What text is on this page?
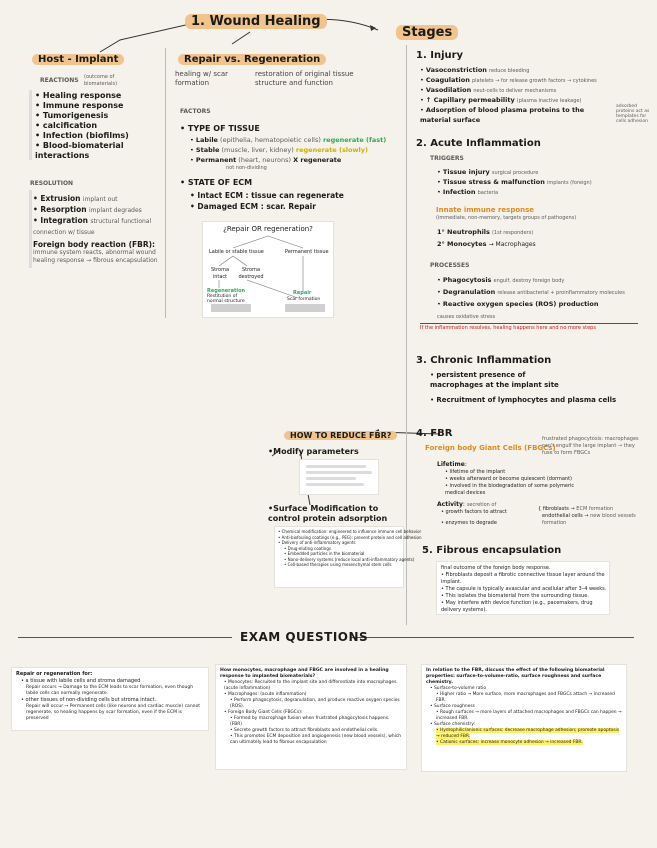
1. Wound Healing
Stages
Host - Implant
REACTIONS (outcome of biomaterials)
• Healing response
• Immune response
• Tumorigenesis
• calcification
• Infection (biofilms)
• Blood-biomaterial interactions
RESOLUTION
• Extrusion implant out
• Resorption implant degrades
• Integration structural functional connection w/ tissue
Foreign body reaction (FBR):
immune system reacts, abnormal wound healing response → fibrous encapsulation
Repair vs. Regeneration
healing w/ scar formation
restoration of original tissue structure and function
FACTORS
• TYPE OF TISSUE
• Labile (epithelia, hematopoietic cells) regenerate (fast)
• Stable (muscle, liver, kidney) regenerate (slowly)
• Permanent (heart, neurons) X regenerate
not non-dividing
• STATE OF ECM
• Intact ECM : tissue can regenerate
• Damaged ECM : scar. Repair
¿Repair OR regeneration?
Labile or stable tissue	Permanent tissue
Stroma intact
Stroma destroyed
Regeneration
Restitution of normal structure
Repair
Scar formation
1. Injury
• Vasoconstriction reduce bleeding
• Coagulation platelets → for release growth factors → cytokines
• Vasodilation neut-cells to deliver mechanisms
• ↑ Capillary permeability (plasma inactive leakage)
• Adsorption of blood plasma proteins to the material surface
adsorbed proteins act as templates for cells adhesion
2. Acute Inflammation
TRIGGERS
• Tissue injury surgical procedure
• Tissue stress & malfunction implants (foreign)
• Infection bacteria
Innate immune response
(immediate, non-memory, targets groups of pathogens)
1° Neutrophils (1st responders)
2° Monocytes → Macrophages
PROCESSES
• Phagocytosis engulf, destroy foreign body
• Degranulation release antibacterial + proinflammatory molecules
• Reactive oxygen species (ROS) production causes oxidative stress
If the inflammation resolves, healing happens here and no more steps
3. Chronic Inflammation
• persistent presence of macrophages at the implant site
• Recruitment of lymphocytes and plasma cells
4. FBR
Foreign body Giant Cells (FBGCs)
frustrated phagocytosis: macrophages can't engulf the large implant → they fuse to form FBGCs
Lifetime:
• lifetime of the implant
• weeks afterward or become quiescent (dormant)
• involved in the biodegradation of some polymeric medical devices
Activity: secretion of
• growth factors to attract
• enzymes to degrade
{ fibroblasts → ECM formation
endothelial cells → new blood vessels formation
5. Fibrous encapsulation
final outcome of the foreign body response.
• Fibroblasts deposit a fibrotic connective tissue layer around the implant.
• The capsule is typically avascular and acellular after 3–4 weeks.
• This isolates the biomaterial from the surrounding tissue.
• May interfere with device function (e.g., pacemakers, drug delivery systems).
HOW TO REDUCE FBR?
•Modify parameters
•Surface Modification to control protein adsorption
• Chemical modification: engineered to influence immune cell behavior
• Anti-biofouling coatings (e.g., PEG): prevent protein and cell adhesion
• Delivery of anti-inflammatory agents
• Drug-eluting coatings
• Embedded particles in the biomaterial
• Nano-delivery systems (reduce local anti-inflammatory agents)
• Cell-based therapies using mesenchymal stem cells
EXAM QUESTIONS
Repair or regeneration for:
• a tissue with labile cells and stroma damaged
Repair occurs → Damage to the ECM leads to scar formation, even though labile cells can normally regenerate.
• other tissues of non-dividing cells but stroma intact.
Repair will occur → Permanent cells (like neurons and cardiac muscle) cannot regenerate, so healing happens by scar formation, even if the ECM is preserved
How monocytes, macrophage and FBGC are involved in a healing response to implanted biomaterials?
• Monocytes: Recruited to the implant site and differentiate into macrophages. (acute inflammation)
• Macrophages: (acute inflammation)
• Perform phagocytosis, degranulation, and produce reactive oxygen species (ROS).
• Foreign Body Giant Cells (FBGCs):
• Formed by macrophage fusion when frustrated phagocytosis happens. (FBR)
• Secrete growth factors to attract fibroblasts and endothelial cells.
• This promotes ECM deposition and angiogenesis (new blood vessels), which can ultimately lead to fibrous encapsulation
In relation to the FBR, discuss the effect of the following biomaterial properties: surface-to-volume-ratio, surface roughness and surface chemistry.
• Surface-to-volume ratio
• Higher ratio → More surface, more macrophages and FBGCs attach → increased FBR.
• Surface roughness
• Rough surfaces → more layers of attached macrophages and FBGCs can happen → increased FBR.
• Surface chemistry:
• Hydrophilic/anionic surfaces: decrease macrophage adhesion; promote apoptosis → reduced FBR.
• Cationic surfaces: increase monocyte adhesion → increased FBR.
